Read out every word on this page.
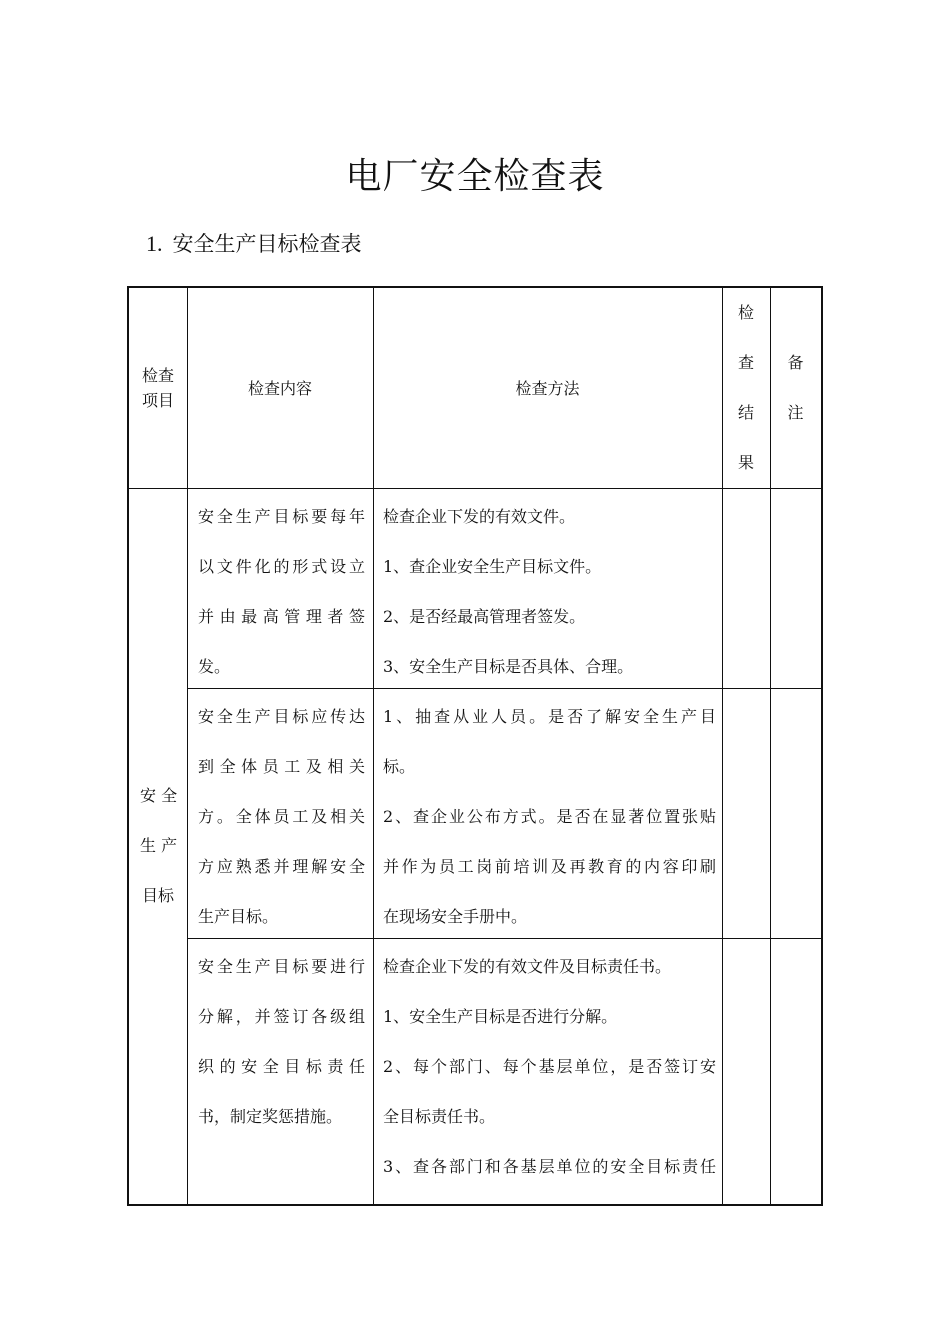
电厂安全检查表
1. 安全生产目标检查表
检查
项目
检查内容	检查方法
检
查
结
果
备
注
安 全
生 产
目标
安全生产目标要每年
以文件化的形式设立
并由最高管理者签
发。
检查企业下发的有效文件。
1、查企业安全生产目标文件。
2、是否经最高管理者签发。
3、安全生产目标是否具体、合理。
安全生产目标应传达
到全体员工及相关
方。全体员工及相关
方应熟悉并理解安全
生产目标。
1、抽查从业人员。是否了解安全生产目
标。
2、查企业公布方式。是否在显著位置张贴
并作为员工岗前培训及再教育的内容印刷
在现场安全手册中。
安全生产目标要进行
分解，并签订各级组
织的安全目标责任
书，制定奖惩措施。
检查企业下发的有效文件及目标责任书。
1、安全生产目标是否进行分解。
2、每个部门、每个基层单位，是否签订安
全目标责任书。
3、查各部门和各基层单位的安全目标责任
